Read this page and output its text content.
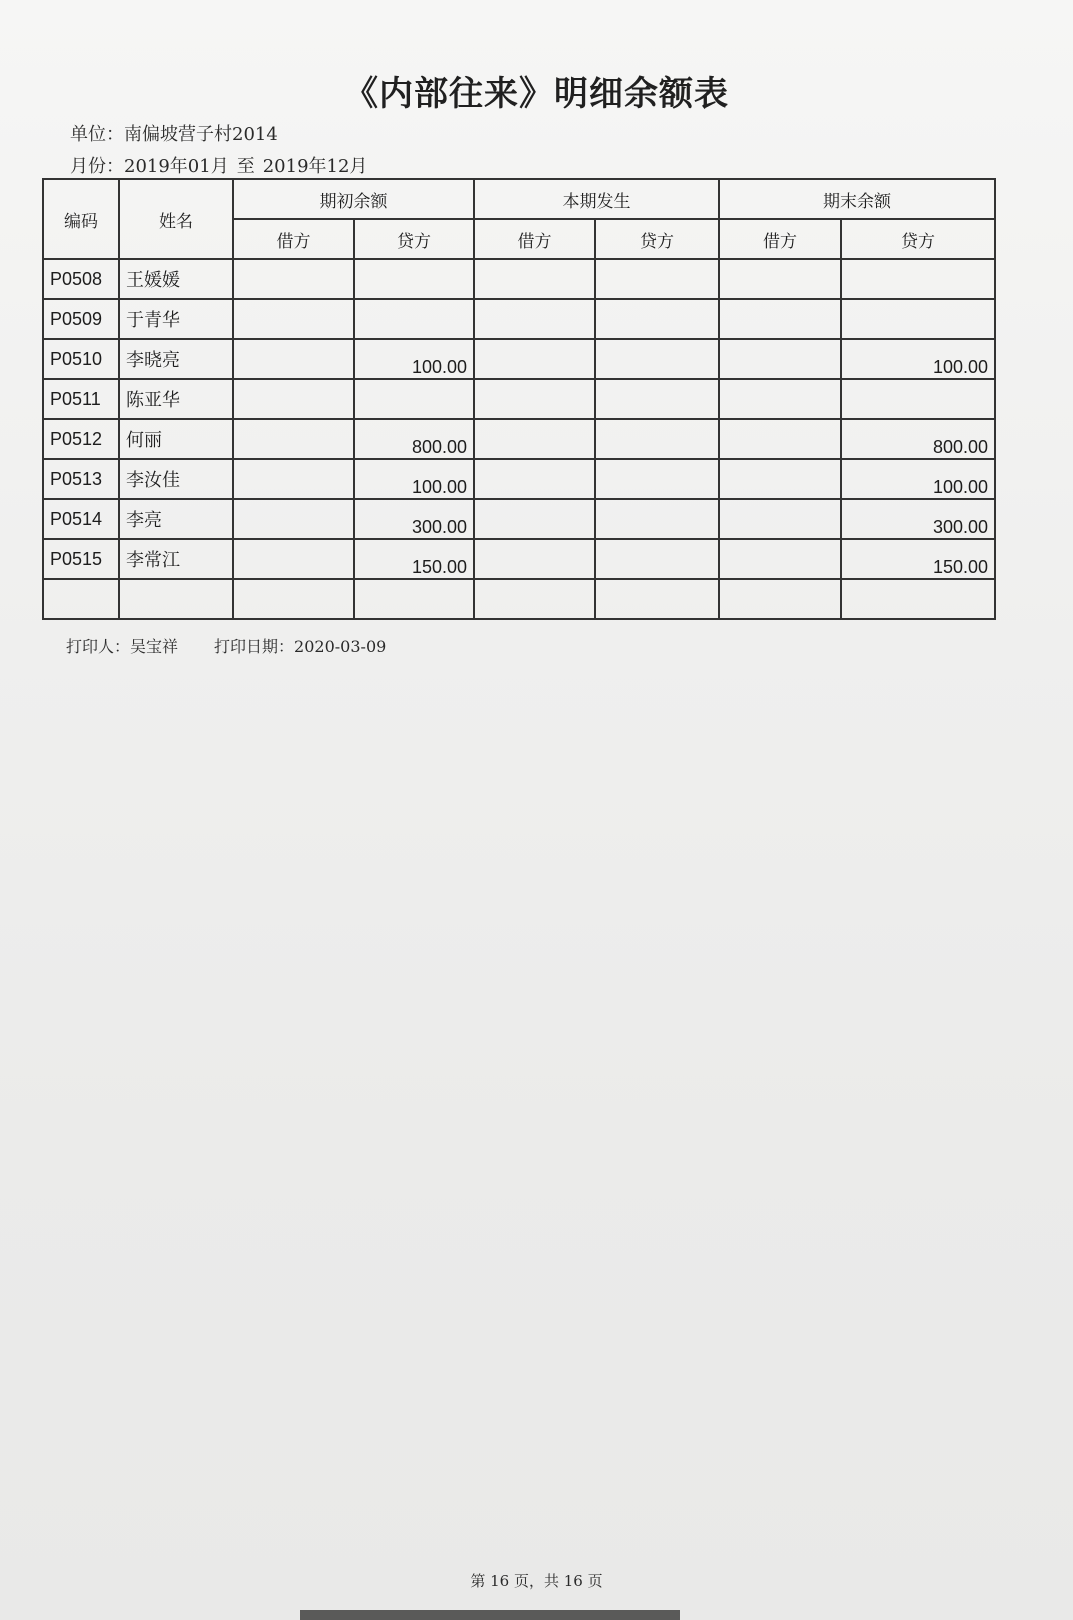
《内部往来》明细余额表
单位：南偏坡营子村2014
月份：2019年01月 至 2019年12月
编码	姓名	期初余额		本期发生		期末余额	
		借方	贷方	借方	贷方	借方	贷方
P0508	王媛媛						
P0509	于青华						
P0510	李晓亮		100.00				100.00
P0511	陈亚华						
P0512	何丽		800.00				800.00
P0513	李汝佳		100.00				100.00
P0514	李亮		300.00				300.00
P0515	李常江		150.00				150.00

打印人：吴宝祥 打印日期：2020-03-09
第 16 页，共 16 页
